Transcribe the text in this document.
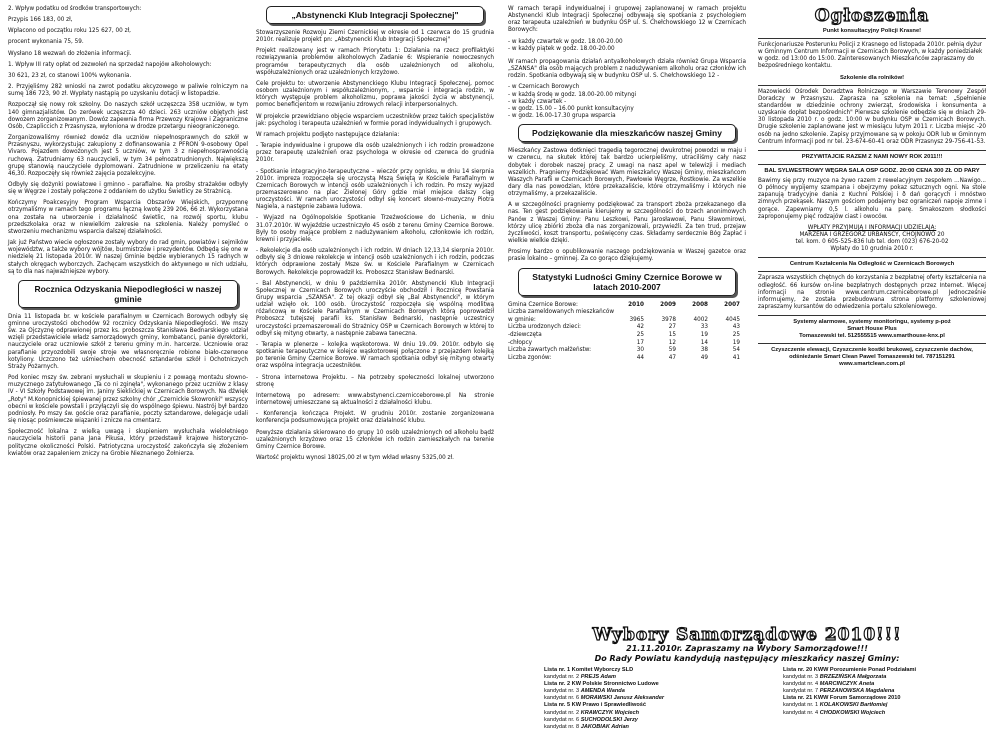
2. Wpływ podatku od środków transportowych:

Przypis 166 183, 00 zł,

Wpłacono od początku roku 125 627, 00 zł,

procent wykonania 75, 59.

Wysłano 18 wezwań do złożenia informacji.

1. Wpływ III raty opłat od zezwoleń na sprzedaż napojów alkoholowych:

30 621, 23 zł, co stanowi 100% wykonania.

2. Przyjęliśmy 282 wnioski na zwrot podatku akcyzowego w paliwie rolniczym na sumę 186 723, 90 zł. Wypłaty nastąpią po uzyskaniu dotacji w listopadzie.

Rozpoczął się nowy rok szkolny. Do naszych szkół uczęszcza 358 uczniów, w tym 140 gimnazjalistów. Do zerówek uczęszcza 40 dzieci. 263 uczniów objętych jest dowozem zorganizowanym. Dowóz zapewnia firma Przewozy Krajowe i Zagraniczne Osób, Czapliccich z Przasnysza, wyłoniona w drodze przetargu nieograniczonego.

Zorganizowaliśmy również dowóz dla uczniów niepełnosprawnych do szkół w Przasnyszu, wykorzystując zakupiony z dofinansowania z PFRON 9-osobowy Opel Vivaro. Pojazdem dowożonych jest 5 uczniów, w tym 3 z niepełnosprawnością ruchową. Zatrudniamy 63 nauczycieli, w tym 34 pełnozatrudnionych. Największą grupę stanowią nauczyciele dyplomowani. Zatrudnione w przeliczeniu na etaty 46,30. Rozpoczęły się również zajęcia pozalekcyjne.

Odbyły się dożynki powiatowe i gminno - parafialne. Na prośby strażaków odbyły się w Węgrze i zostały połączone z oddaniem do użytku Świetlicy ze Strażnicą.

Kończymy Poakcesyjny Program Wsparcia Obszarów Wiejskich, przypomnę otrzymaliśmy w ramach tego programu łączną kwotę 239 206, 66 zł. Wykorzystana ona została na utworzenie i działalność świetlic, na rozwój sportu, klubu przedszkolaka oraz w niewielkim zakresie na szkolenia. Należy pomyśleć o stworzeniu mechanizmu wsparcia dalszej działalności.

Jak już Państwo wiecie ogłoszone zostały wybory do rad gmin, powiatów i sejmików województw, a także wybory wójtów, burmistrzów i prezydentów. Odbędą się one w niedzielę 21 listopada 2010r. W naszej Gminie będzie wybieranych 15 radnych w stałych okręgach wyborczych. Zachęcam wszystkich do aktywnego w nich udziału, są to dla nas najważniejsze wybory.

Rocznica Odzyskania Niepodległości w naszej gminie

Dnia 11 listopada br. w kościele parafialnym w Czernicach Borowych odbyły się gminne uroczystości obchodów 92 rocznicy Odzyskania Niepodległości. We mszy św. za Ojczyznę odprawionej przez ks. proboszcza Stanisława Bednarskiego udział wzięli przedstawiciele władz samorządowych gminy, kombatanci, panie dyrektorki, nauczyciele oraz uczniowie szkół z terenu gminy m.in. harcerze. Uczniowie oraz parafianie przyozdobili swoje stroje we własnoręcznie robione biało-czerwone kotyliony. Uczczono też uśmiechem obecność sztandarów szkół i Ochotniczych Straży Pożarnych.

Pod koniec mszy św. zebrani wysłuchali w skupieniu i z powagą montażu słowno-muzycznego zatytułowanego „Ta co ni zginęła", wykonanego przez uczniów z klasy IV - VI Szkoły Podstawowej im. Janiny Sieklickiej w Czernicach Borowych. Na dźwięk „Roty" M.Konopnickiej śpiewanej przez szkolny chór „Czernickie Skowronki" wszyscy obecni w kościele powstali i przyłączyli się do wspólnego śpiewu. Nastrój był bardzo podniosły. Po mszy św. goście oraz parafianie, poczty sztandarowe, delegacje udali się niosąc pośmiewcze wiązanki i znicze na cmentarz.

Społeczność lokalna z wielką uwagą i skupieniem wysłuchała wieloletniego nauczyciela historii pana Jana Pikusa, który przedstawił krajowe historyczno-polityczne okoliczności Polski. Patriotyczna uroczystość zakończyła się złożeniem kwiatów oraz zapaleniem zniczy na Grobie Nieznanego Żołnierza.

„Abstynencki Klub Integracji Społecznej"

Stowarzyszenie Rozwoju Ziemi Czernickiej w okresie od 1 czerwca do 15 grudnia 2010r. realizuje projekt pn: „Abstynencki Klub Integracji Społecznej"

Projekt realizowany jest w ramach Priorytetu 1: Działania na rzecz profilaktyki rozwiązywania problemów alkoholowych Zadanie 6: Wspieranie nowoczesnych programów terapeutycznych dla osób uzależnionych od alkoholu, współuzależnionych oraz uzależnionych krzyżowo.

Cele projektu to: utworzenie Abstynenckiego Klubu Integracji Społecznej, pomoc osobom uzależnionym i współuzależnionym, , wsparcie i integracja rodzin, w których występuje problem alkoholizmu, poprawa jakości życia w abstynencji, pomoc beneficjentom w rozwijaniu zdrowych relacji interpersonalnych.

W projekcie przewidziano objęcie wsparciem uczestników przez takich specjalistów jak: psycholog i terapeuta uzależnień w formie porad indywidualnych i grupowych.

W ramach projektu podjęto następujące działania:

- Terapie indywidualne i grupowe dla osób uzależnionych i ich rodzin prowadzone przez terapeutę uzależnień oraz psychologa w okresie od czerwca do grudnia 2010r.

- Spotkanie integracyjno-terapeutyczne – wieczór przy ognisku, w dniu 14 sierpnia 2010r. impreza rozpoczęła się uroczystą Mszą Świętą w Kościele Parafialnym w Czernicach Borowych w intencji osób uzależnionych i ich rodzin. Po mszy wyjazd przemaszerowano na plac Zielonej Góry gdzie miał miejsce dalszy ciąg uroczystości. W ramach uroczystości odbył się koncert słowno-muzyczny Piotra Nagiela, a następnie zabawa ludowa.

- Wyjazd na Ogólnopolskie Spotkanie Trzeźwościowe do Lichenia, w dniu 31.07.2010r. W wyjeździe uczestniczyło 45 osób z terenu Gminy Czernice Borowe. Były to osoby mające problem z nadużywaniem alkoholu, członkowie ich rodzin, krewni i przyjaciele.

- Rekolekcje dla osób uzależnionych i ich rodzin. W dniach 12,13,14 sierpnia 2010r. odbyły się 3 dniowe rekolekcje w intencji osób uzależnionych i ich rodzin, podczas których odprawione zostały Msze św. w Kościele Parafialnym w Czernicach Borowych. Rekolekcje poprowadził ks. Proboszcz Stanisław Bednarski.

- Bal Abstynencki, w dniu 9 października 2010r. Abstynencki Klub Integracji Społecznej w Czernicach Borowych uroczyście obchodził i Rocznicę Powstania Grupy wsparcia „SZANSA". Z tej okazji odbył się „Bal Abstynencki", w którym udział wzięło ok. 100 osób. Uroczystość rozpoczęła się wspólną modlitwą różańcową w Kościele Parafialnym w Czernicach Borowych którą poprowadził Proboszcz tutejszej parafii ks. Stanisław Bednarski, następnie uczestnicy uroczystości przemaszerowali do Strażnicy OSP w Czernicach Borowych w której to odbył się mityng otwarty, a następnie zabawa taneczna.

- Terapia w plenerze – kolejka wąskotorowa. W dniu 19..09. 2010r. odbyło się spotkanie terapeutyczne w kolejce wąskotorowej połączone z przejazdem kolejką po terenie Gminy Czernice Borowe. W ramach spotkania odbył się mityng otwarty oraz wspólna integracja uczestników.

- Strona internetowa Projektu. – Na potrzeby społeczności lokalnej utworzono stronę

Internetową po adresem: www.abstynenci.czernicceborowe.pl Na stronie internetowej umieszczane są aktualności z działalności klubu.

- Konferencja kończąca Projekt. W grudniu 2010r. zostanie zorganizowana konferencja podsumowująca projekt oraz działalność klubu.

Powyższe działania skierowano do grupy 10 osób uzależnionych od alkoholu bądź uzależnionych krzyżowo oraz 15 członków ich rodzin zamieszkałych na terenie Gminy Czernice Borowe.

Wartość projektu wynosi 18025,00 zł w tym wkład własny 5325,00 zł.

W ramach terapii indywidualnej i grupowej zaplanowanej w ramach projektu Abstynencki Klub Integracji Społecznej odbywają się spotkania z psychologiem oraz terapeuta uzależnień w budynku OSP ul. S. Chełchowskiego 12 w Czernicach Borowych:

- w każdy czwartek w godz. 18.00-20.00
- w każdy piątek w godz. 18.00-20.00

W ramach propagowania działań antyalkoholowych działa również Grupa Wsparcia „SZANSA" dla osób mających problem z nadużywaniem alkoholu oraz członków ich rodzin. Spotkania odbywają się w budynku OSP ul. S. Chełchowskiego 12 -

- w Czernicach Borowych
- w każdą środę w godz. 18.00-20.00 mityngi
- w każdy czwartek -
- w godz. 15.00 – 16.00 punkt konsultacyjny
- w godz. 16.00-17.30 grupa wsparcia
Podziękowanie dla mieszkańców naszej Gminy

Mieszkańcy Zastowa dotknięci tragedią tegorocznej dwukrotnej powodzi w maju i w czerwcu, na skutek której tak bardzo ucierpieliśmy, utraciliśmy cały nasz dobytek i dorobek naszej pracy. Z uwagi na nasz apel w telewizji i mediach wszelkich. Pragniemy Podziękować Wam mieszkańcy Waszej Gminy, mieszkańcom Waszych Parafii w Czernicach Borowych, Pawłowie Węgrze, Rostkowie. Za wszelkie dary dla nas powodzian, które przekazaliście, które otrzymaliśmy i których nie otrzymaliśmy, a przekazaliście.

A w szczególności pragniemy podziękować za transport zboża przekazanego dla nas. Ten gest podziękowania kierujemy w szczególności do trzech anonimowych Panów z Waszej Gminy: Panu Leszkowi, Panu Jarosławowi, Panu Sławomirowi, którzy ulicę zbiórki zboża dla nas zorganizowali, przywieźli. Za ten trud, przejaw życzliwości, koszt transportu, poświęcony czas. Składamy serdecznie Bóg Zapłać i wielkie wielkie dzięki.

Prosimy bardzo o opublikowanie naszego podziękowania w Waszej gazetce oraz prasie lokalno – gminnej. Za co gorąco dziękujemy.

Statystyki Ludności Gminy Czernice Borowe w latach 2010-2007
Gmina Czernice Borowe:	2010	2009	2008	2007
Liczba zameldowanych mieszkańców w gminie:	3965	3978	4002	4045
Liczba urodzonych dzieci:	42	27	33	43
-dziewczęta	25	15	19	25
-chłopcy	17	12	14	19
Liczba zawartych małżeństw:	30	59	38	54
Liczba zgonów:	44	47	49	41
Ogłoszenia
Punkt konsultacyjny Policji Krasne!

Funkcjonariusze Posterunku Policji z Krasnego od listopada 2010r. pełnią dyżur w Gminnym Centrum Informacji w Czernicach Borowych, w każdy poniedziałek w godz. od 13:00 do 15:00. Zainteresowanych Mieszkańców zapraszamy do bezpośredniego kontaktu.

Szkolenie dla rolników!

Mazowiecki Ośrodek Doradztwa Rolniczego w Warszawie Terenowy Zespół Doradczy w Przasnyszu. Zaprasza na szkolenia na temat: „Spełnienie standardów w dziedzinie ochrony zwierząt, środowiska i konsumenta a uzyskanie dopłat bezpośrednich" Pierwsze szkolenie odbędzie się w dniach 29-30 listopada 2010 r. o godz. 10:00 w budynku OSP w Czernicach Borowych. Drugie szkolenie zaplanowane jest w miesiącu lutym 2011 r. Liczba miejsc -20 osób na jedno szkolenie. Zapisy przyjmowane są w pokoju ODR lub w Gminnym Centrum Informacji pod nr tel. 23-674-60-41 oraz ODR Przasnysz 29-756-41-53.

PRZYWITAJCIE RAZEM Z NAMI NOWY ROK 2011!!!
BAL SYLWESTROWY WĘGRA SALA OSP GODZ. 20:00 CENA 300 ZŁ OD PARY

Bawimy się przy muzyce na żywo razem z rewelacyjnym zespołem ...Nawigo... O północy wypijemy szampana i obejrzymy pokaz sztucznych ogni. Na stole zapanują tradycyjne dania z Kuchni Polskiej i ð dań gorących i mnóstwo zimnych przekąsek. Naszym gościom podajemy bez ograniczeń napoje zimne i gorące. Zapewniamy 0,5 l. alkoholu na parę. Smakoszom słodkości zaproponujemy pięć rodzajów ciast i owoców.

WPŁATY PRZYJMUJĄ I INFORMACJI UDZIELAJĄ:
MARZENA I GRZEGORZ URBANSCY, CHOJNOWO 20
tel. kom. 0 605-525-836 lub tel. dom (023) 676-20-02
Wpłaty do 10 grudnia 2010 r.
Centrum Kształcenia Na Odległość w Czernicach Borowych

Zaprasza wszystkich chętnych do korzystania z bezpłatnej oferty kształcenia na odległość. 66 kursów on-line bezpłatnych dostępnych przez Internet. Więcej informacji na stronie www.centrum.czerniceborowe.pl Jednocześnie informujemy, że została przebudowana strona platformy szkoleniowej zapraszamy kursantów do odwiedzenia portalu szkoleniowego.

Systemy alarmowe, systemy monitoringu, systemy p-poż
Smart House Plus
Tomaszewski tel. 512555515 www.smarthouse-knx.pl
Czyszczenie elewacji, Czyszczenie kostki brukowej, czyszczenie dachów,
odśnieżanie Smart Clean Pawel Tomaszewski tel. 787151291
www.smartclean.com.pl
Wybory Samorządowe 2010!!!
21.11.2010r. Zapraszamy na Wybory Samorządowe!!!
Do Rady Powiatu kandydują następujący mieszkańcy naszej Gminy:
Lista nr. 1 Komitet Wyborczy SLD
kandydat nr. 2 PREJS Adam
Lista nr. 2 KW Polskie Stronnictwo Ludowe
kandydat nr. 3 AMENDA Wanda
kandydat nr. 6 MORAWSKI Janusz Aleksander
Lista nr. 5 KW Prawo i Sprawiedliwość
kandydat nr. 2 KRAWCZYK Wojciech
kandydat nr. 6 SUCHODOLSKI Jerzy
kandydat nr. 8 JAKOBIAK Adrian
Lista nr. 20 KWW Porozumienie Ponad Podziałami
kandydat nr. 3 BRZEZIŃSKA Małgorzata
kandydat nr. 4 MARCINCZYK Aneta
kandydat nr. 7 PERZANOWSKA Magdalena
Lista nr. 21 KWW Forum Samorządowe 2010
kandydat nr. 1 KOLAKOWSKI Bartłomiej
kandydat nr. 4 CHODKOWSKI Wojciech
